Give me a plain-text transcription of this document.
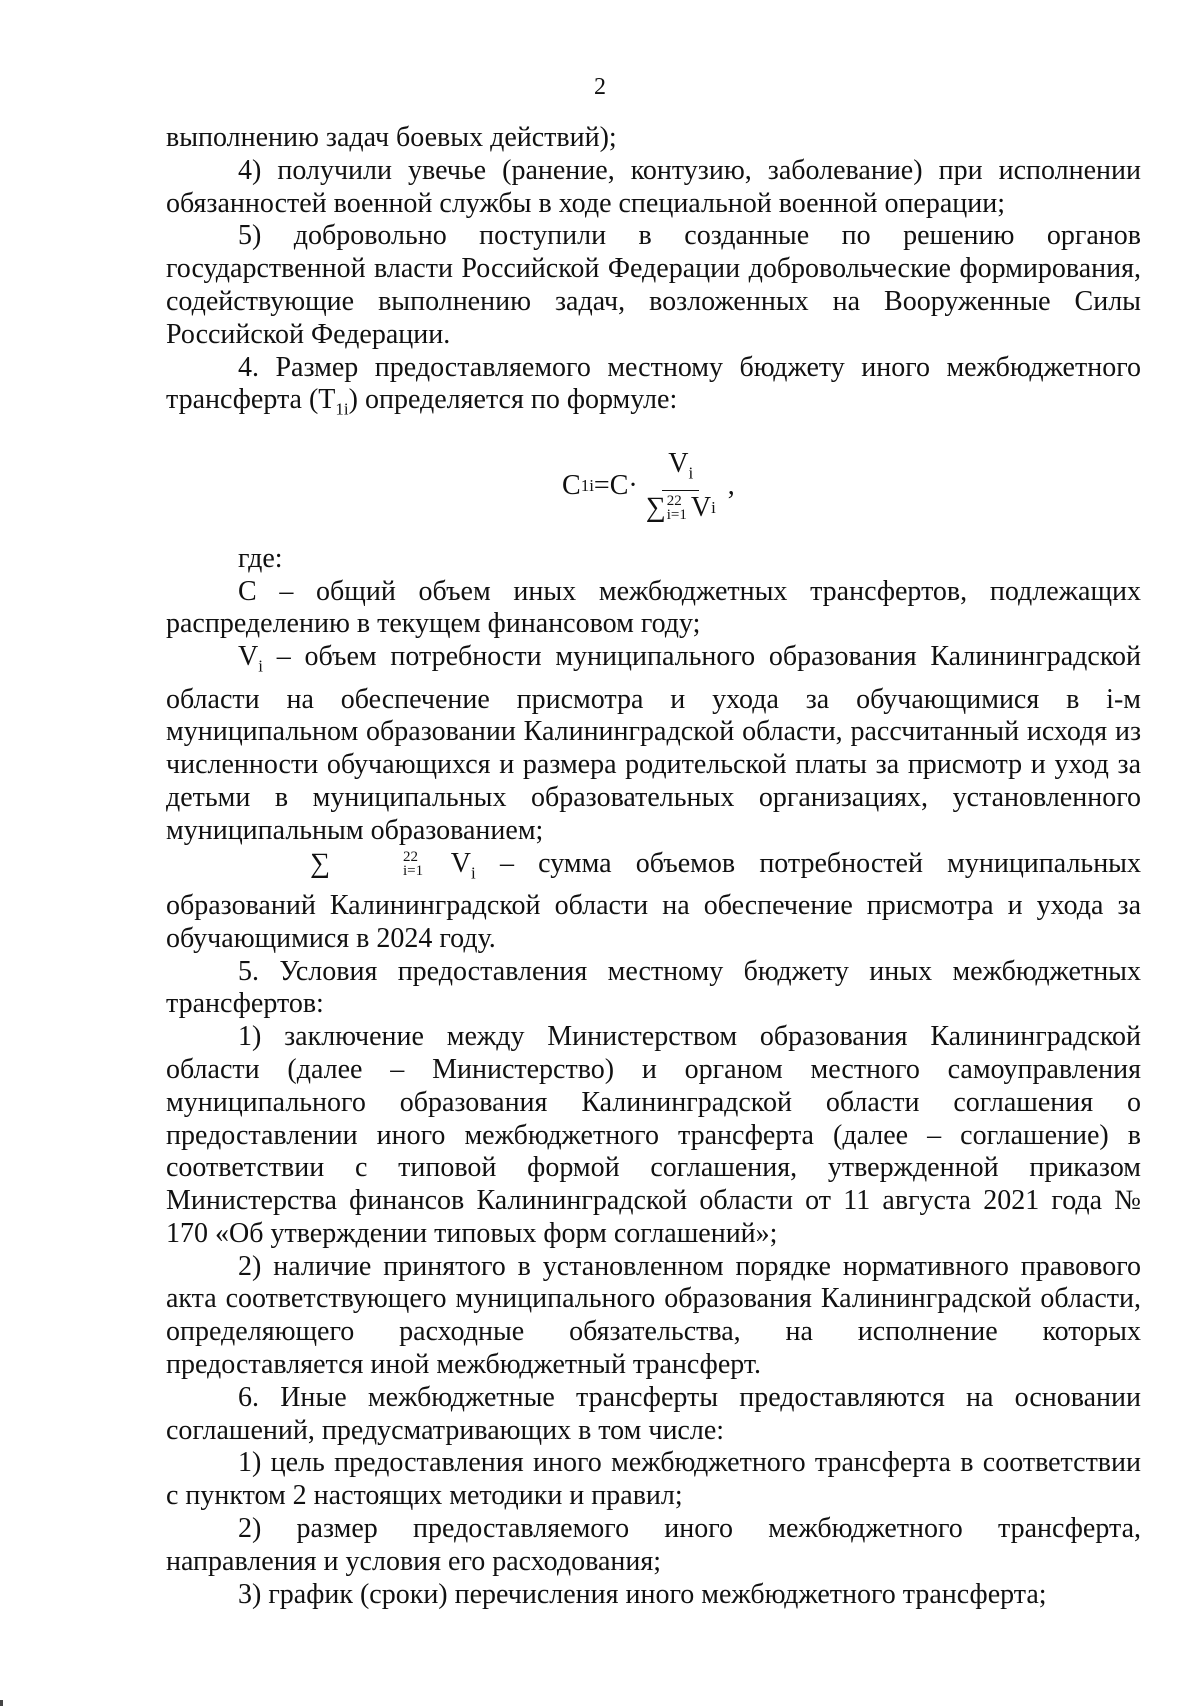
2

выполнению задач боевых действий);

4) получили увечье (ранение, контузию, заболевание) при исполнении обязанностей военной службы в ходе специальной военной операции;

5) добровольно поступили в созданные по решению органов государственной власти Российской Федерации добровольческие формирования, содействующие выполнению задач, возложенных на Вооруженные Силы Российской Федерации.

4. Размер предоставляемого местному бюджету иного межбюджетного трансферта $(Т_{1i})$ определяется по формуле:

C 1i =C·
$V_i$
∑ 22
i=1 V i
,

где:

С – общий объем иных межбюджетных трансфертов, подлежащих распределению в текущем финансовом году;

$V_i$ – объем потребности муниципального образования Калининградской области на обеспечение присмотра и ухода за обучающимися в i-м муниципальном образовании Калининградской области, рассчитанный исходя из численности обучающихся и размера родительской платы за присмотр и уход за детьми в муниципальных образовательных организациях, установленного муниципальным образованием;

∑	22
i=1 $V_i$ – сумма объемов потребностей муниципальных образований Калининградской области на обеспечение присмотра и ухода за обучающимися в 2024 году.

5. Условия предоставления местному бюджету иных межбюджетных трансфертов:

1) заключение между Министерством образования Калининградской области (далее – Министерство) и органом местного самоуправления муниципального образования Калининградской области соглашения о предоставлении иного межбюджетного трансферта (далее – соглашение) в соответствии с типовой формой соглашения, утвержденной приказом Министерства финансов Калининградской области от 11 августа 2021 года № 170 «Об утверждении типовых форм соглашений»;

2) наличие принятого в установленном порядке нормативного правового акта соответствующего муниципального образования Калининградской области, определяющего расходные обязательства, на исполнение которых предоставляется иной межбюджетный трансферт.

6. Иные межбюджетные трансферты предоставляются на основании соглашений, предусматривающих в том числе:

1) цель предоставления иного межбюджетного трансферта в соответствии с пунктом 2 настоящих методики и правил;

2) размер предоставляемого иного межбюджетного трансферта, направления и условия его расходования;

3) график (сроки) перечисления иного межбюджетного трансферта;
